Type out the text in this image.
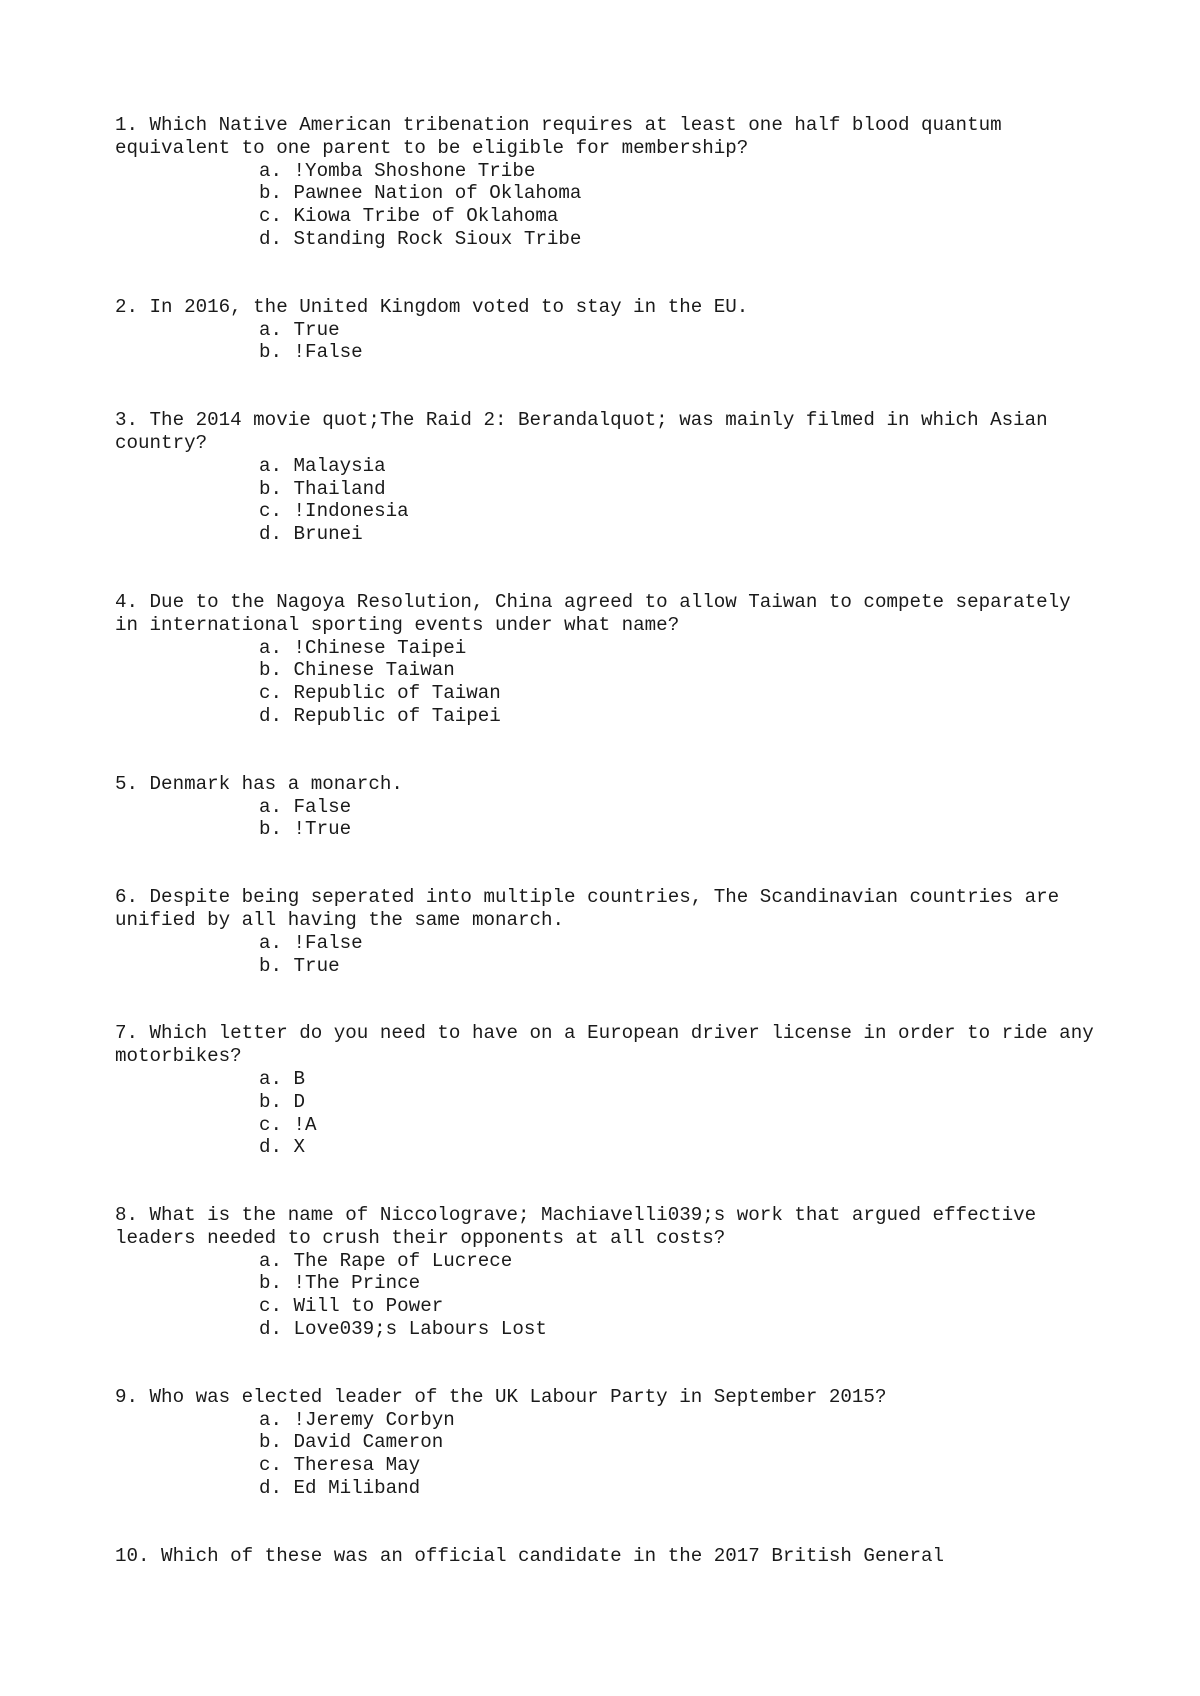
1. Which Native American tribenation requires at least one half blood quantum equivalent to one parent to be eligible for membership?
a. !Yomba Shoshone Tribe
b. Pawnee Nation of Oklahoma
c. Kiowa Tribe of Oklahoma
d. Standing Rock Sioux Tribe
2. In 2016, the United Kingdom voted to stay in the EU.
a. True
b. !False
3. The 2014 movie quot;The Raid 2: Berandalquot; was mainly filmed in which Asian country?
a. Malaysia
b. Thailand
c. !Indonesia
d. Brunei
4. Due to the Nagoya Resolution, China agreed to allow Taiwan to compete separately in international sporting events under what name?
a. !Chinese Taipei
b. Chinese Taiwan
c. Republic of Taiwan
d. Republic of Taipei
5. Denmark has a monarch.
a. False
b. !True
6. Despite being seperated into multiple countries, The Scandinavian countries are unified by all having the same monarch.
a. !False
b. True
7. Which letter do you need to have on a European driver license in order to ride any motorbikes?
a. B
b. D
c. !A
d. X
8. What is the name of Niccolograve; Machiavelli039;s work that argued effective leaders needed to crush their opponents at all costs?
a. The Rape of Lucrece
b. !The Prince
c. Will to Power
d. Love039;s Labours Lost
9. Who was elected leader of the UK Labour Party in September 2015?
a. !Jeremy Corbyn
b. David Cameron
c. Theresa May
d. Ed Miliband
10. Which of these was an official candidate in the 2017 British General
